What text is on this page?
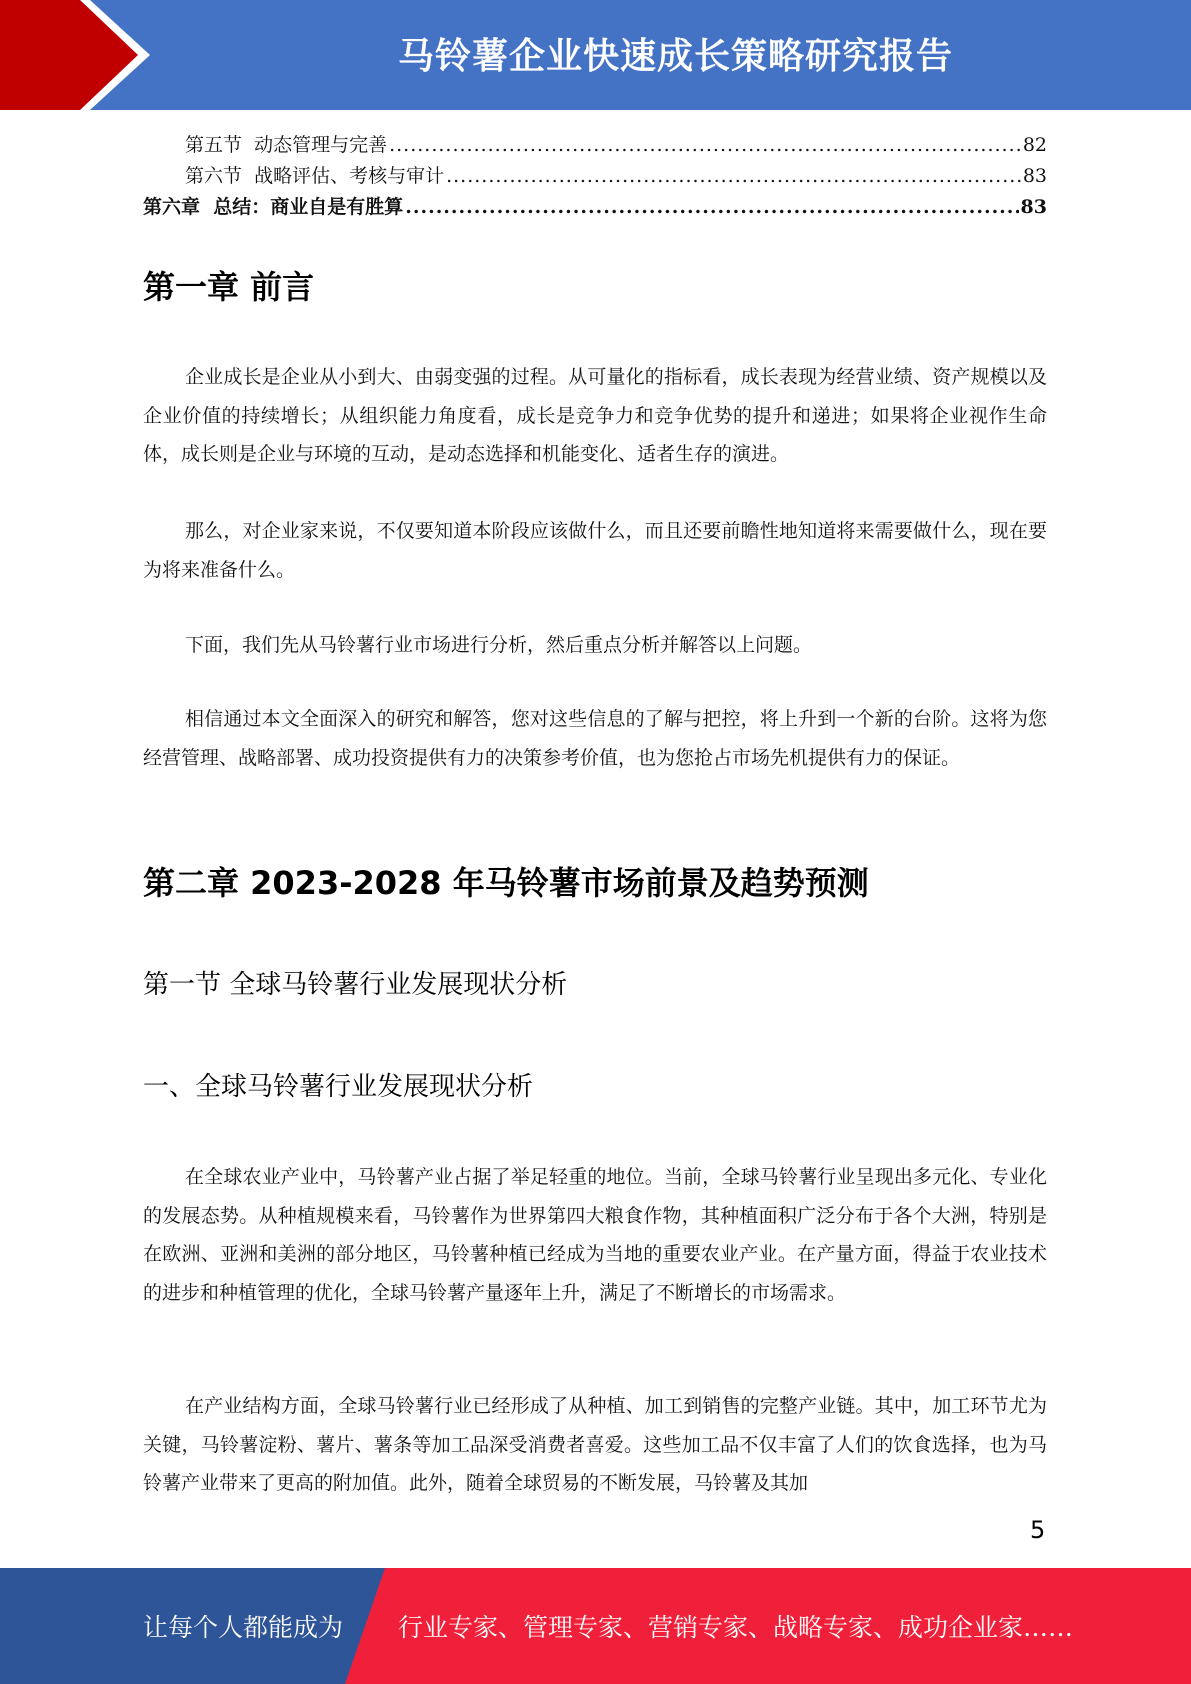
马铃薯企业快速成长策略研究报告
第五节  动态管理与完善 .....	82
第六节  战略评估、考核与审计 .....	83
第六章  总结：商业自是有胜算 .....	83
第一章 前言

企业成长是企业从小到大、由弱变强的过程。从可量化的指标看，成长表现为经营业绩、资产规模以及企业价值的持续增长；从组织能力角度看，成长是竞争力和竞争优势的提升和递进；如果将企业视作生命体，成长则是企业与环境的互动，是动态选择和机能变化、适者生存的演进。

那么，对企业家来说，不仅要知道本阶段应该做什么，而且还要前瞻性地知道将来需要做什么，现在要为将来准备什么。

下面，我们先从马铃薯行业市场进行分析，然后重点分析并解答以上问题。

相信通过本文全面深入的研究和解答，您对这些信息的了解与把控，将上升到一个新的台阶。这将为您经营管理、战略部署、成功投资提供有力的决策参考价值，也为您抢占市场先机提供有力的保证。

第二章 2023-2028 年马铃薯市场前景及趋势预测
第一节 全球马铃薯行业发展现状分析
一、全球马铃薯行业发展现状分析

在全球农业产业中，马铃薯产业占据了举足轻重的地位。当前，全球马铃薯行业呈现出多元化、专业化的发展态势。从种植规模来看，马铃薯作为世界第四大粮食作物，其种植面积广泛分布于各个大洲，特别是在欧洲、亚洲和美洲的部分地区，马铃薯种植已经成为当地的重要农业产业。在产量方面，得益于农业技术的进步和种植管理的优化，全球马铃薯产量逐年上升，满足了不断增长的市场需求。

在产业结构方面，全球马铃薯行业已经形成了从种植、加工到销售的完整产业链。其中，加工环节尤为关键，马铃薯淀粉、薯片、薯条等加工品深受消费者喜爱。这些加工品不仅丰富了人们的饮食选择，也为马铃薯产业带来了更高的附加值。此外，随着全球贸易的不断发展，马铃薯及其加

5
让每个人都能成为 行业专家、管理专家、营销专家、战略专家、成功企业家……
